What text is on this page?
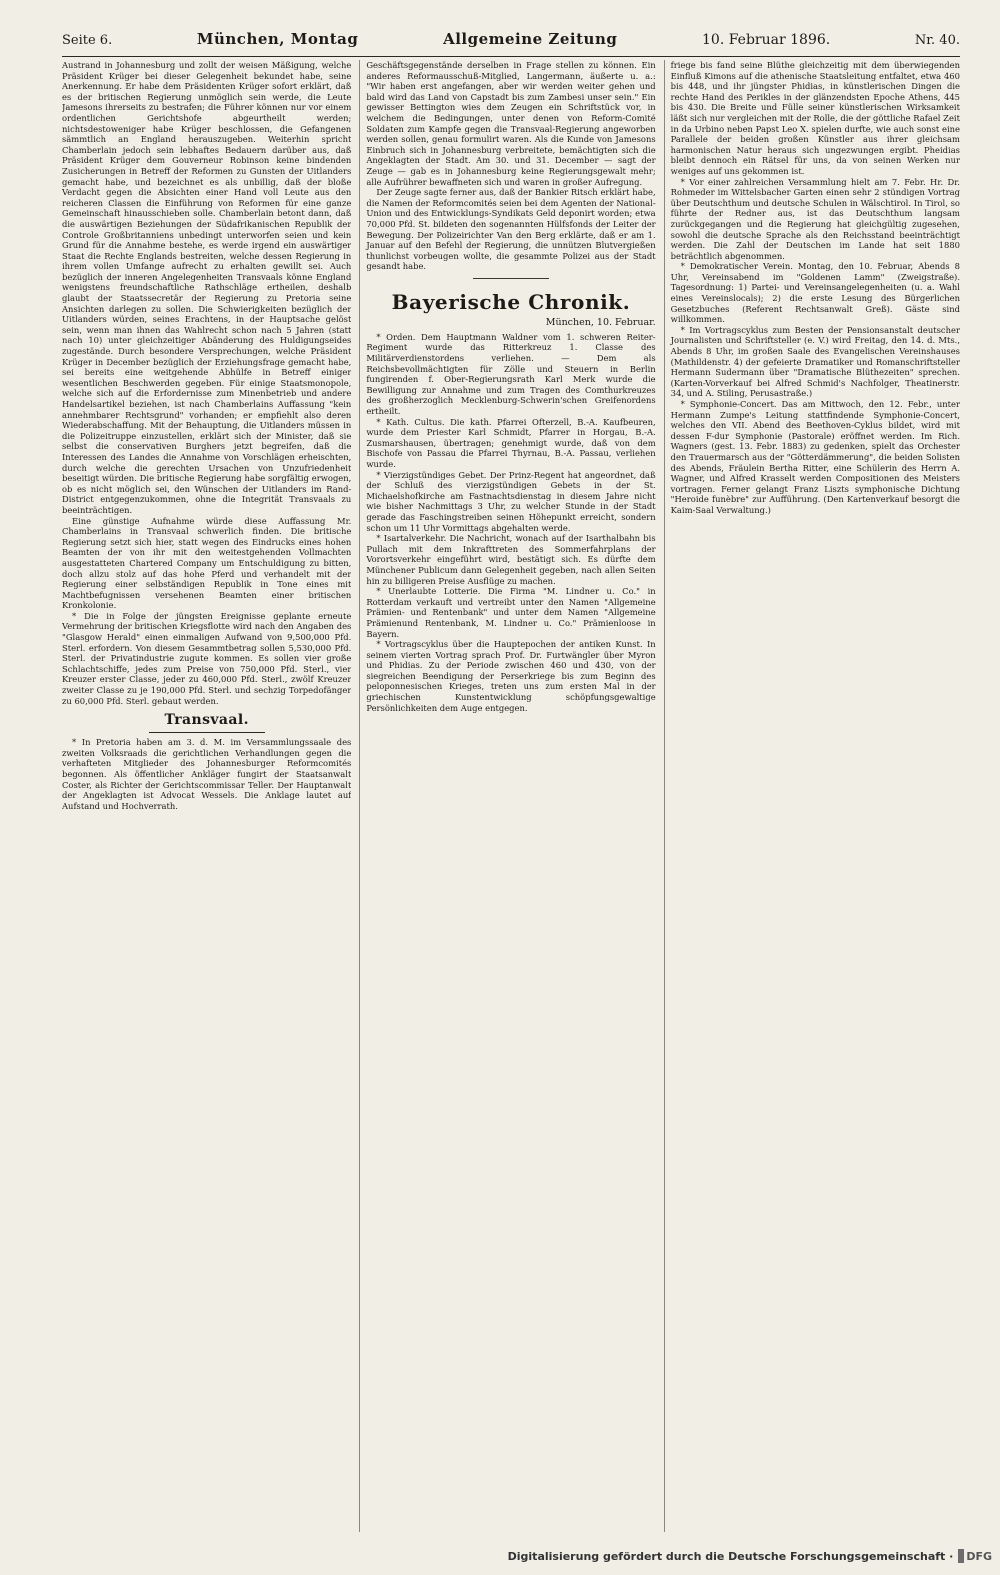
Seite 6.	München, Montag	Allgemeine Zeitung	10. Februar 1896.	Nr. 40.

Austrand in Johannesburg und zollt der weisen Mäßigung, welche Präsident Krüger bei dieser Gelegenheit bekundet habe, seine Anerkennung. Er habe dem Präsidenten Krüger sofort erklärt, daß es der britischen Regierung unmöglich sein werde, die Leute Jamesons ihrerseits zu bestrafen; die Führer können nur vor einem ordentlichen Gerichtshofe abgeurtheilt werden; nichtsdestoweniger habe Krüger beschlossen, die Gefangenen sämmtlich an England herauszugeben. Weiterhin spricht Chamberlain jedoch sein lebhaftes Bedauern darüber aus, daß Präsident Krüger dem Gouverneur Robinson keine bindenden Zusicherungen in Betreff der Reformen zu Gunsten der Uitlanders gemacht habe, und bezeichnet es als unbillig, daß der bloße Verdacht gegen die Absichten einer Hand voll Leute aus den reicheren Classen die Einführung von Reformen für eine ganze Gemeinschaft hinausschieben solle. Chamberlain betont dann, daß die auswärtigen Beziehungen der Südafrikanischen Republik der Controle Großbritanniens unbedingt unterworfen seien und kein Grund für die Annahme bestehe, es werde irgend ein auswärtiger Staat die Rechte Englands bestreiten, welche dessen Regierung in ihrem vollen Umfange aufrecht zu erhalten gewillt sei. Auch bezüglich der inneren Angelegenheiten Transvaals könne England wenigstens freundschaftliche Rathschläge ertheilen, deshalb glaubt der Staatssecretär der Regierung zu Pretoria seine Ansichten darlegen zu sollen. Die Schwierigkeiten bezüglich der Uitlanders würden, seines Erachtens, in der Hauptsache gelöst sein, wenn man ihnen das Wahlrecht schon nach 5 Jahren (statt nach 10) unter gleichzeitiger Abänderung des Huldigungseides zugestände. Durch besondere Versprechungen, welche Präsident Krüger in December bezüglich der Erziehungsfrage gemacht habe, sei bereits eine weitgehende Abhülfe in Betreff einiger wesentlichen Beschwerden gegeben. Für einige Staatsmonopole, welche sich auf die Erfordernisse zum Minenbetrieb und andere Handelsartikel beziehen, ist nach Chamberlains Auffassung "kein annehmbarer Rechtsgrund" vorhanden; er empfiehlt also deren Wiederabschaffung. Mit der Behauptung, die Uitlanders müssen in die Polizeitruppe einzustellen, erklärt sich der Minister, daß sie selbst die conservativen Burghers jetzt begreifen, daß die Interessen des Landes die Annahme von Vorschlägen erheischten, durch welche die gerechten Ursachen von Unzufriedenheit beseitigt würden. Die britische Regierung habe sorgfältig erwogen, ob es nicht möglich sei, den Wünschen der Uitlanders im Rand-District entgegenzukommen, ohne die Integrität Transvaals zu beeinträchtigen.

Eine günstige Aufnahme würde diese Auffassung Mr. Chamberlains in Transvaal schwerlich finden. Die britische Regierung setzt sich hier, statt wegen des Eindrucks eines hohen Beamten der von ihr mit den weitestgehenden Vollmachten ausgestatteten Chartered Company um Entschuldigung zu bitten, doch allzu stolz auf das hohe Pferd und verhandelt mit der Regierung einer selbständigen Republik in Tone eines mit Machtbefugnissen versehenen Beamten einer britischen Kronkolonie.

* Die in Folge der jüngsten Ereignisse geplante erneute Vermehrung der britischen Kriegsflotte wird nach den Angaben des "Glasgow Herald" einen einmaligen Aufwand von 9,500,000 Pfd. Sterl. erfordern. Von diesem Gesammtbetrag sollen 5,530,000 Pfd. Sterl. der Privatindustrie zugute kommen. Es sollen vier große Schlachtschiffe, jedes zum Preise von 750,000 Pfd. Sterl., vier Kreuzer erster Classe, jeder zu 460,000 Pfd. Sterl., zwölf Kreuzer zweiter Classe zu je 190,000 Pfd. Sterl. und sechzig Torpedofänger zu 60,000 Pfd. Sterl. gebaut werden.

Transvaal.

* In Pretoria haben am 3. d. M. im Versammlungssaale des zweiten Volksraads die gerichtlichen Verhandlungen gegen die verhafteten Mitglieder des Johannesburger Reformcomités begonnen. Als öffentlicher Ankläger fungirt der Staatsanwalt Coster, als Richter der Gerichtscommissar Teller. Der Hauptanwalt der Angeklagten ist Advocat Wessels. Die Anklage lautet auf Aufstand und Hochverrath.

Geschäftsgegenstände derselben in Frage stellen zu können. Ein anderes Reformausschuß-Mitglied, Langermann, äußerte u. a.: "Wir haben erst angefangen, aber wir werden weiter gehen und bald wird das Land von Capstadt bis zum Zambesi unser sein." Ein gewisser Bettington wies dem Zeugen ein Schriftstück vor, in welchem die Bedingungen, unter denen von Reform-Comité Soldaten zum Kampfe gegen die Transvaal-Regierung angeworben werden sollen, genau formulirt waren. Als die Kunde von Jamesons Einbruch sich in Johannesburg verbreitete, bemächtigten sich die Angeklagten der Stadt. Am 30. und 31. December — sagt der Zeuge — gab es in Johannesburg keine Regierungsgewalt mehr; alle Aufrührer bewaffneten sich und waren in großer Aufregung.

Der Zeuge sagte ferner aus, daß der Bankier Ritsch erklärt habe, die Namen der Reformcomités seien bei dem Agenten der National-Union und des Entwicklungs-Syndikats Geld deponirt worden; etwa 70,000 Pfd. St. bildeten den sogenannten Hülfsfonds der Leiter der Bewegung. Der Polizeirichter Van den Berg erklärte, daß er am 1. Januar auf den Befehl der Regierung, die unnützen Blutvergießen thunlichst vorbeugen wollte, die gesammte Polizei aus der Stadt gesandt habe.

Bayerische Chronik.
München, 10. Februar.

* Orden. Dem Hauptmann Waldner vom 1. schweren Reiter-Regiment wurde das Ritterkreuz 1. Classe des Militärverdienstordens verliehen. — Dem als Reichsbevollmächtigten für Zölle und Steuern in Berlin fungirenden f. Ober-Regierungsrath Karl Merk wurde die Bewilligung zur Annahme und zum Tragen des Comthurkreuzes des großherzoglich Mecklenburg-Schwerin'schen Greifenordens ertheilt.

* Kath. Cultus. Die kath. Pfarrei Ofterzell, B.-A. Kaufbeuren, wurde dem Priester Karl Schmidt, Pfarrer in Horgau, B.-A. Zusmarshausen, übertragen; genehmigt wurde, daß von dem Bischofe von Passau die Pfarrei Thyrnau, B.-A. Passau, verliehen wurde.

* Vierzigstündiges Gebet. Der Prinz-Regent hat angeordnet, daß der Schluß des vierzigstündigen Gebets in der St. Michaelshofkirche am Fastnachtsdienstag in diesem Jahre nicht wie bisher Nachmittags 3 Uhr, zu welcher Stunde in der Stadt gerade das Faschingstreiben seinen Höhepunkt erreicht, sondern schon um 11 Uhr Vormittags abgehalten werde.

* Isartalverkehr. Die Nachricht, wonach auf der Isarthalbahn bis Pullach mit dem Inkrafttreten des Sommerfahrplans der Vorortsverkehr eingeführt wird, bestätigt sich. Es dürfte dem Münchener Publicum dann Gelegenheit gegeben, nach allen Seiten hin zu billigeren Preise Ausflüge zu machen.

* Unerlaubte Lotterie. Die Firma "M. Lindner u. Co." in Rotterdam verkauft und vertreibt unter den Namen "Allgemeine Prämien- und Rentenbank" und unter dem Namen "Allgemeine Prämienund Rentenbank, M. Lindner u. Co." Prämienloose in Bayern.

* Vortragscyklus über die Hauptepochen der antiken Kunst. In seinem vierten Vortrag sprach Prof. Dr. Furtwängler über Myron und Phidias. Zu der Periode zwischen 460 und 430, von der siegreichen Beendigung der Perserkriege bis zum Beginn des peloponnesischen Krieges, treten uns zum ersten Mal in der griechischen Kunstentwicklung schöpfungsgewaltige Persönlichkeiten dem Auge entgegen.

friege bis fand seine Blüthe gleichzeitig mit dem überwiegenden Einfluß Kimons auf die athenische Staatsleitung entfaltet, etwa 460 bis 448, und ihr jüngster Phidias, in künstlerischen Dingen die rechte Hand des Perikles in der glänzendsten Epoche Athens, 445 bis 430. Die Breite und Fülle seiner künstlerischen Wirksamkeit läßt sich nur vergleichen mit der Rolle, die der göttliche Rafael Zeit in da Urbino neben Papst Leo X. spielen durfte, wie auch sonst eine Parallele der beiden großen Künstler aus ihrer gleichsam harmonischen Natur heraus sich ungezwungen ergibt. Pheidias bleibt dennoch ein Rätsel für uns, da von seinen Werken nur weniges auf uns gekommen ist.

* Vor einer zahlreichen Versammlung hielt am 7. Febr. Hr. Dr. Rohmeder im Wittelsbacher Garten einen sehr 2 stündigen Vortrag über Deutschthum und deutsche Schulen in Wälschtirol. In Tirol, so führte der Redner aus, ist das Deutschthum langsam zurückgegangen und die Regierung hat gleichgültig zugesehen, sowohl die deutsche Sprache als den Reichsstand beeinträchtigt werden. Die Zahl der Deutschen im Lande hat seit 1880 beträchtlich abgenommen.

* Demokratischer Verein. Montag, den 10. Februar, Abends 8 Uhr, Vereinsabend im "Goldenen Lamm" (Zweigstraße). Tagesordnung: 1) Partei- und Vereinsangelegenheiten (u. a. Wahl eines Vereinslocals); 2) die erste Lesung des Bürgerlichen Gesetzbuches (Referent Rechtsanwalt Greß). Gäste sind willkommen.

* Im Vortragscyklus zum Besten der Pensionsanstalt deutscher Journalisten und Schriftsteller (e. V.) wird Freitag, den 14. d. Mts., Abends 8 Uhr, im großen Saale des Evangelischen Vereinshauses (Mathildenstr. 4) der gefeierte Dramatiker und Romanschriftsteller Hermann Sudermann über "Dramatische Blüthezeiten" sprechen. (Karten-Vorverkauf bei Alfred Schmid's Nachfolger, Theatinerstr. 34, und A. Stiling, Perusastraße.)

* Symphonie-Concert. Das am Mittwoch, den 12. Febr., unter Hermann Zumpe's Leitung stattfindende Symphonie-Concert, welches den VII. Abend des Beethoven-Cyklus bildet, wird mit dessen F-dur Symphonie (Pastorale) eröffnet werden. Im Rich. Wagners (gest. 13. Febr. 1883) zu gedenken, spielt das Orchester den Trauermarsch aus der "Götterdämmerung", die beiden Solisten des Abends, Fräulein Bertha Ritter, eine Schülerin des Herrn A. Wagner, und Alfred Krasselt werden Compositionen des Meisters vortragen. Ferner gelangt Franz Liszts symphonische Dichtung "Heroide funèbre" zur Aufführung. (Den Kartenverkauf besorgt die Kaim-Saal Verwaltung.)

Digitalisierung gefördert durch die Deutsche Forschungsgemeinschaft · DFG
